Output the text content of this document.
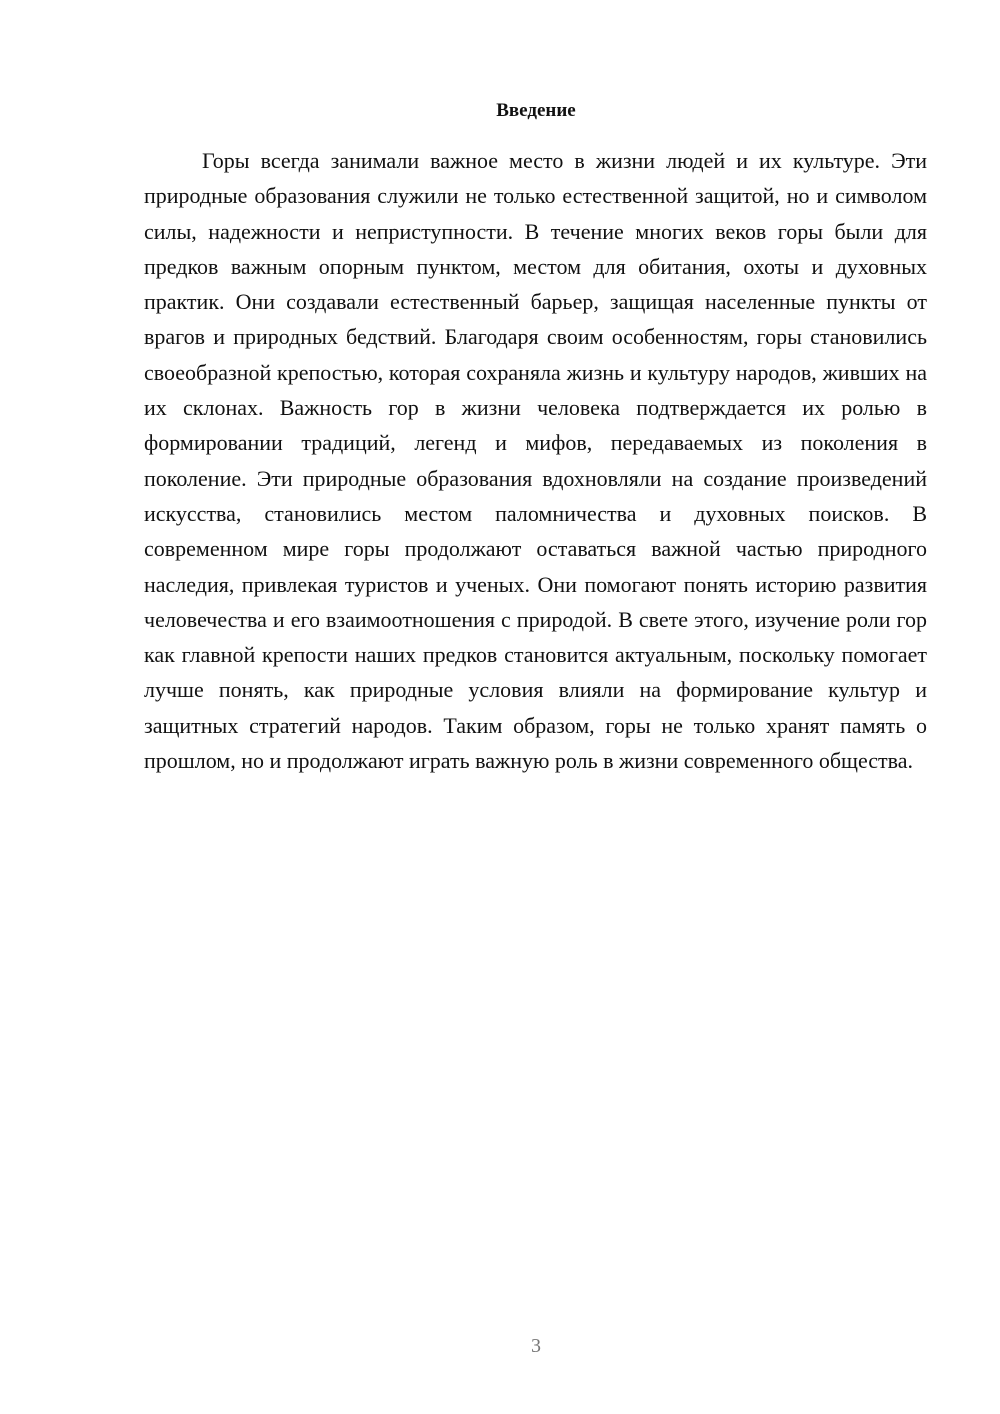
Введение

Горы всегда занимали важное место в жизни людей и их культуре. Эти природные образования служили не только естественной защитой, но и символом силы, надежности и неприступности. В течение многих веков горы были для предков важным опорным пунктом, местом для обитания, охоты и духовных практик. Они создавали естественный барьер, защищая населенные пункты от врагов и природных бедствий. Благодаря своим особенностям, горы становились своеобразной крепостью, которая сохраняла жизнь и культуру народов, живших на их склонах. Важность гор в жизни человека подтверждается их ролью в формировании традиций, легенд и мифов, передаваемых из поколения в поколение. Эти природные образования вдохновляли на создание произведений искусства, становились местом паломничества и духовных поисков. В современном мире горы продолжают оставаться важной частью природного наследия, привлекая туристов и ученых. Они помогают понять историю развития человечества и его взаимоотношения с природой. В свете этого, изучение роли гор как главной крепости наших предков становится актуальным, поскольку помогает лучше понять, как природные условия влияли на формирование культур и защитных стратегий народов. Таким образом, горы не только хранят память о прошлом, но и продолжают играть важную роль в жизни современного общества.

3
